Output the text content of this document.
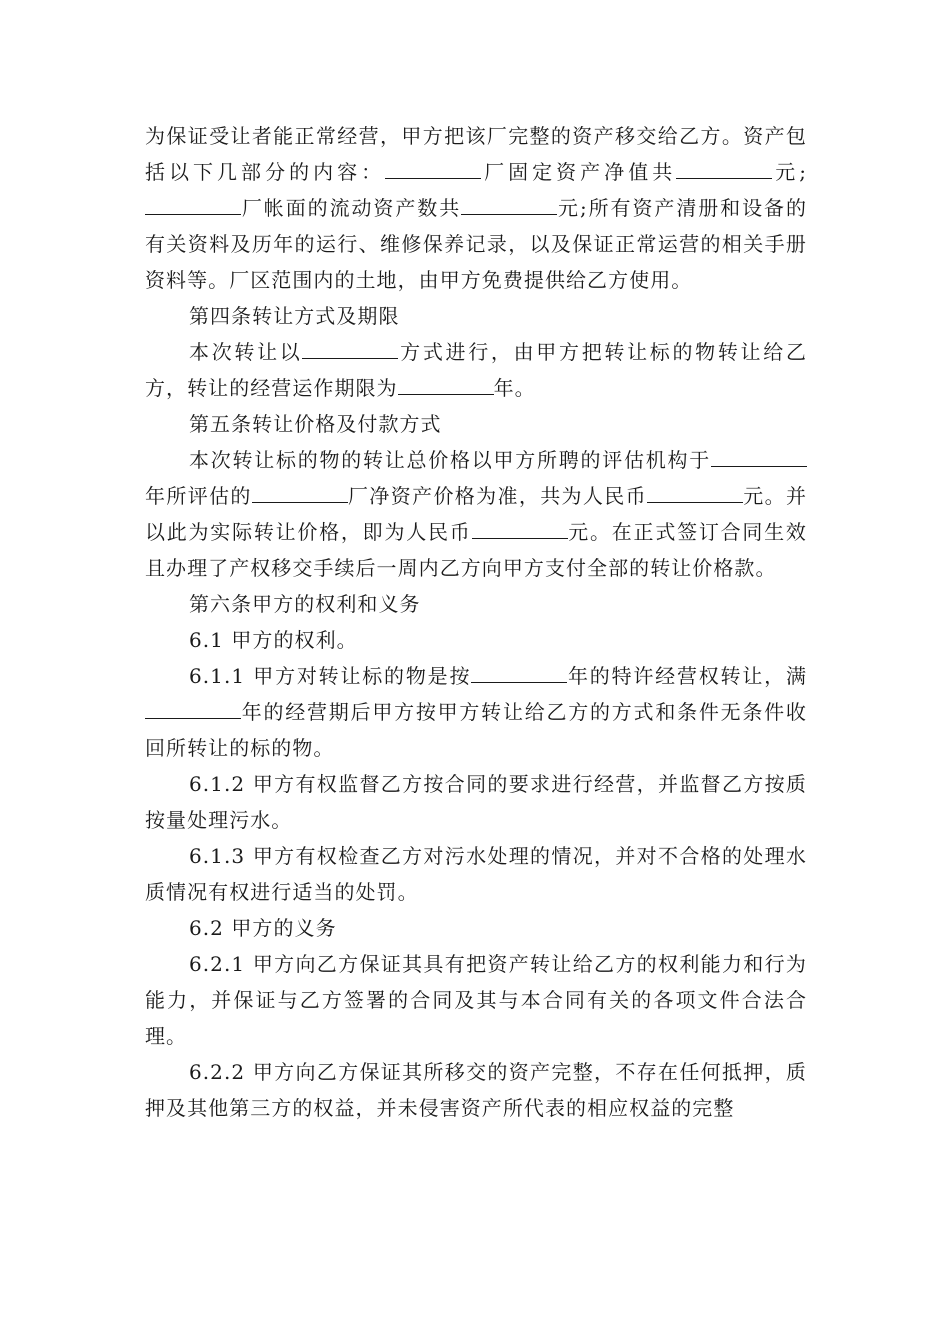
为保证受让者能正常经营，甲方把该厂完整的资产移交给乙方。资产包括以下几部分的内容：	厂固定资产净值共	元;厂帐面的流动资产数共	元;所有资产清册和设备的有关资料及历年的运行、维修保养记录，以及保证正常运营的相关手册资料等。厂区范围内的土地，由甲方免费提供给乙方使用。

第四条转让方式及期限

本次转让以	方式进行，由甲方把转让标的物转让给乙方，转让的经营运作期限为	年。

第五条转让价格及付款方式

本次转让标的物的转让总价格以甲方所聘的评估机构于年所评估的	厂净资产价格为准，共为人民币	元。并以此为实际转让价格，即为人民币	元。在正式签订合同生效且办理了产权移交手续后一周内乙方向甲方支付全部的转让价格款。

第六条甲方的权利和义务

6.1 甲方的权利。

6.1.1 甲方对转让标的物是按	年的特许经营权转让，满年的经营期后甲方按甲方转让给乙方的方式和条件无条件收回所转让的标的物。

6.1.2 甲方有权监督乙方按合同的要求进行经营，并监督乙方按质按量处理污水。

6.1.3 甲方有权检查乙方对污水处理的情况，并对不合格的处理水质情况有权进行适当的处罚。

6.2 甲方的义务

6.2.1 甲方向乙方保证其具有把资产转让给乙方的权利能力和行为能力，并保证与乙方签署的合同及其与本合同有关的各项文件合法合理。

6.2.2 甲方向乙方保证其所移交的资产完整，不存在任何抵押，质押及其他第三方的权益，并未侵害资产所代表的相应权益的完整
